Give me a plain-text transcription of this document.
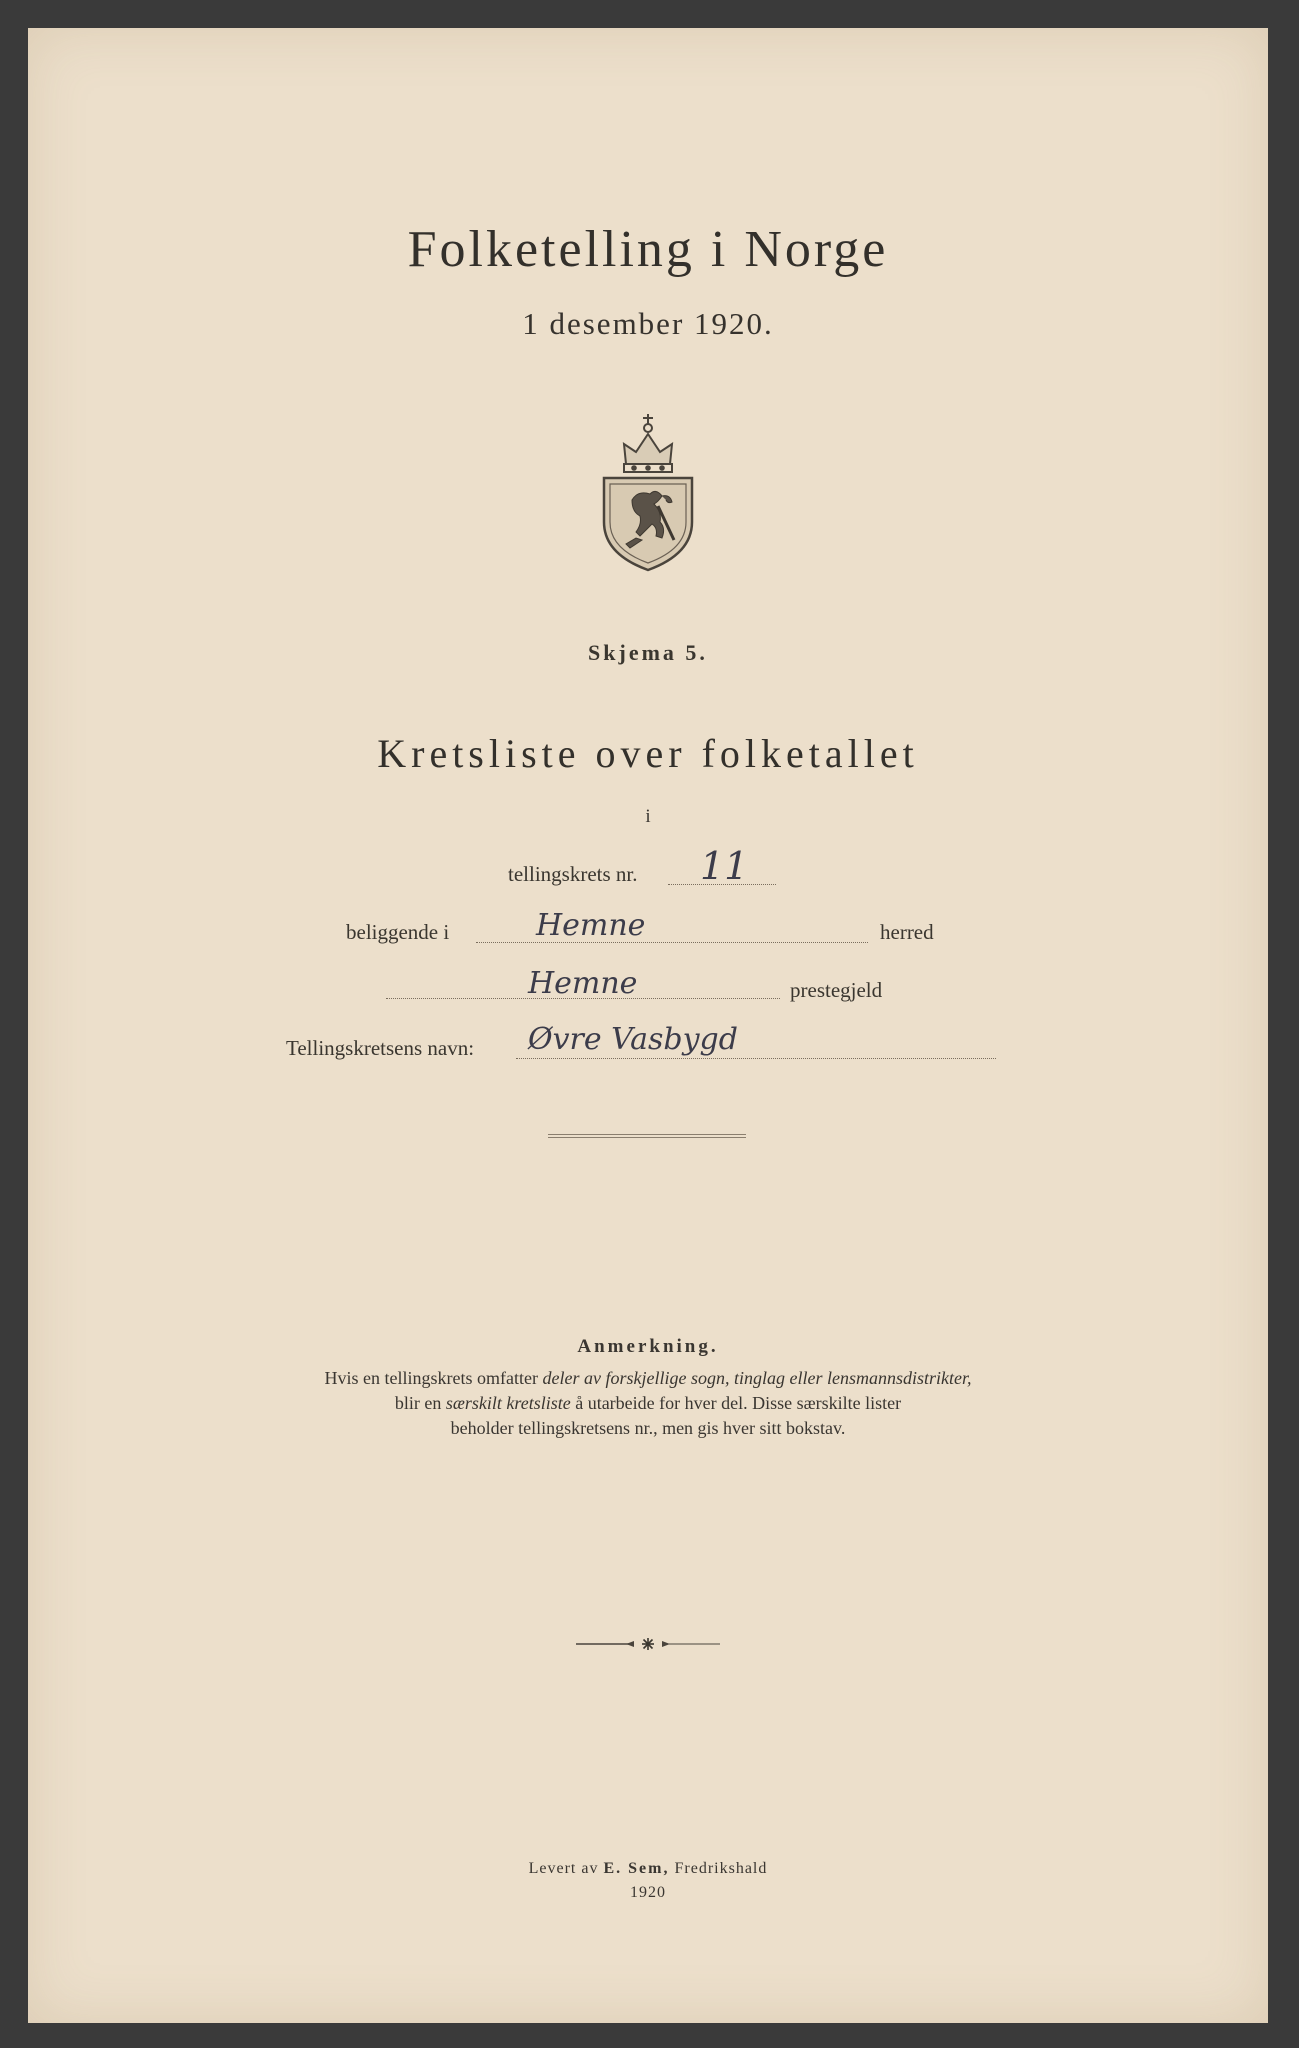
Folketelling i Norge
1 desember 1920.
Skjema 5.
Kretsliste over folketallet
i
tellingskrets nr. 11
beliggende i	Hemne	herred
Hemne	prestegjeld
Tellingskretsens navn: Øvre Vasbygd
Anmerkning.
Hvis en tellingskrets omfatter deler av forskjellige sogn, tinglag eller lensmannsdistrikter,
blir en særskilt kretsliste å utarbeide for hver del. Disse særskilte lister
beholder tellingskretsens nr., men gis hver sitt bokstav.
Levert av E. Sem, Fredrikshald
1920
